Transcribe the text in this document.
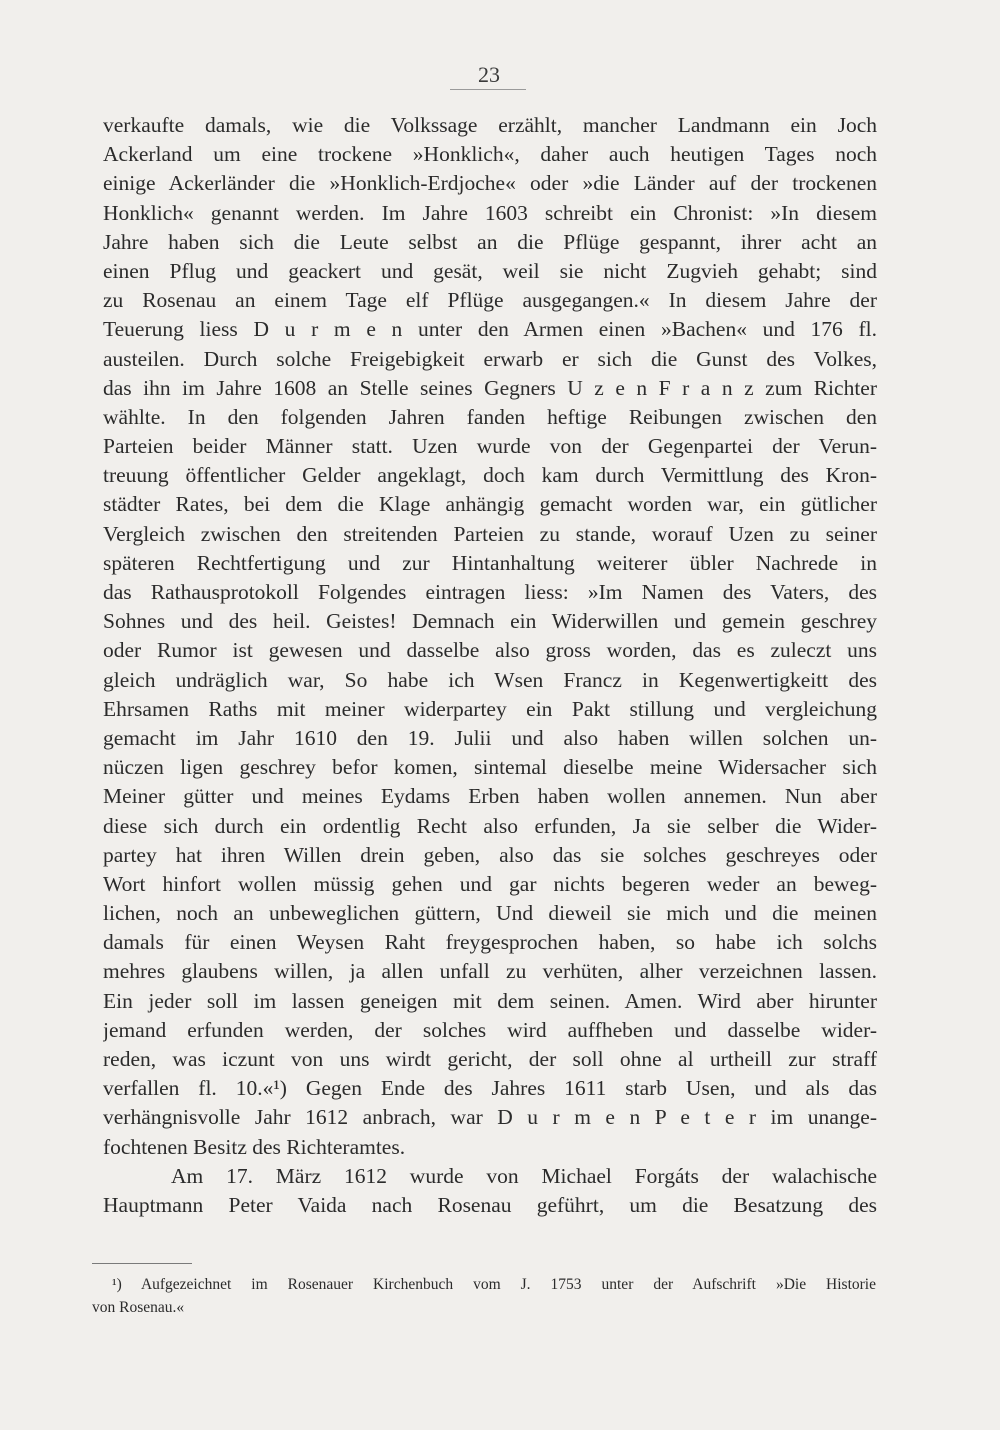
23
verkaufte damals, wie die Volkssage erzählt, mancher Landmann ein Joch
Ackerland um eine trockene »Honklich«, daher auch heutigen Tages noch
einige Ackerländer die »Honklich-Erdjoche« oder »die Länder auf der trockenen
Honklich« genannt werden. Im Jahre 1603 schreibt ein Chronist: »In diesem
Jahre haben sich die Leute selbst an die Pflüge gespannt, ihrer acht an
einen Pflug und geackert und gesät, weil sie nicht Zugvieh gehabt; sind
zu Rosenau an einem Tage elf Pflüge ausgegangen.« In diesem Jahre der
Teuerung liess D u r m e n unter den Armen einen »Bachen« und 176 fl.
austeilen. Durch solche Freigebigkeit erwarb er sich die Gunst des Volkes,
das ihn im Jahre 1608 an Stelle seines Gegners U z e n F r a n z zum Richter
wählte. In den folgenden Jahren fanden heftige Reibungen zwischen den
Parteien beider Männer statt. Uzen wurde von der Gegenpartei der Verun-
treuung öffentlicher Gelder angeklagt, doch kam durch Vermittlung des Kron-
städter Rates, bei dem die Klage anhängig gemacht worden war, ein gütlicher
Vergleich zwischen den streitenden Parteien zu stande, worauf Uzen zu seiner
späteren Rechtfertigung und zur Hintanhaltung weiterer übler Nachrede in
das Rathausprotokoll Folgendes eintragen liess: »Im Namen des Vaters, des
Sohnes und des heil. Geistes! Demnach ein Widerwillen und gemein geschrey
oder Rumor ist gewesen und dasselbe also gross worden, das es zuleczt uns
gleich undräglich war, So habe ich Wsen Francz in Kegenwertigkeitt des
Ehrsamen Raths mit meiner widerpartey ein Pakt stillung und vergleichung
gemacht im Jahr 1610 den 19. Julii und also haben willen solchen un-
nüczen ligen geschrey befor komen, sintemal dieselbe meine Widersacher sich
Meiner gütter und meines Eydams Erben haben wollen annemen. Nun aber
diese sich durch ein ordentlig Recht also erfunden, Ja sie selber die Wider-
partey hat ihren Willen drein geben, also das sie solches geschreyes oder
Wort hinfort wollen müssig gehen und gar nichts begeren weder an beweg-
lichen, noch an unbeweglichen güttern, Und dieweil sie mich und die meinen
damals für einen Weysen Raht freygesprochen haben, so habe ich solchs
mehres glaubens willen, ja allen unfall zu verhüten, alher verzeichnen lassen.
Ein jeder soll im lassen geneigen mit dem seinen. Amen. Wird aber hirunter
jemand erfunden werden, der solches wird auffheben und dasselbe wider-
reden, was iczunt von uns wirdt gericht, der soll ohne al urtheill zur straff
verfallen fl. 10.«¹) Gegen Ende des Jahres 1611 starb Usen, und als das
verhängnisvolle Jahr 1612 anbrach, war D u r m e n P e t e r im unange-
fochtenen Besitz des Richteramtes.
Am 17. März 1612 wurde von Michael Forgáts der walachische
Hauptmann Peter Vaida nach Rosenau geführt, um die Besatzung des
¹) Aufgezeichnet im Rosenauer Kirchenbuch vom J. 1753 unter der Aufschrift »Die Historie
von Rosenau.«
